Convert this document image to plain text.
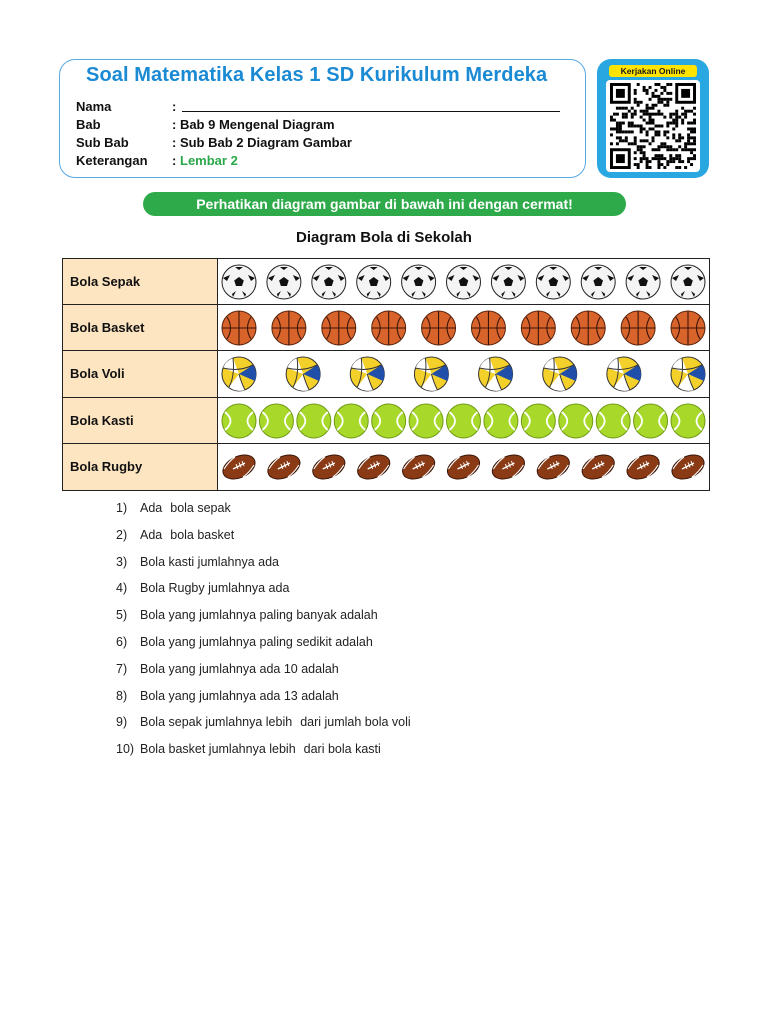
Soal Matematika Kelas 1 SD Kurikulum Merdeka
Nama	:
Bab	: Bab 9 Mengenal Diagram
Sub Bab	: Sub Bab 2 Diagram Gambar
Keterangan : Lembar 2
Kerjakan Online
Perhatikan diagram gambar di bawah ini dengan cermat!
Diagram Bola di Sekolah
Bola Sepak
Bola Basket
Bola Voli
Bola Kasti
Bola Rugby
1) Ada bola sepak
2) Ada bola basket
3) Bola kasti jumlahnya ada
4) Bola Rugby jumlahnya ada
5) Bola yang jumlahnya paling banyak adalah
6) Bola yang jumlahnya paling sedikit adalah
7) Bola yang jumlahnya ada 10 adalah
8) Bola yang jumlahnya ada 13 adalah
9) Bola sepak jumlahnya lebih dari jumlah bola voli
10) Bola basket jumlahnya lebih dari bola kasti
